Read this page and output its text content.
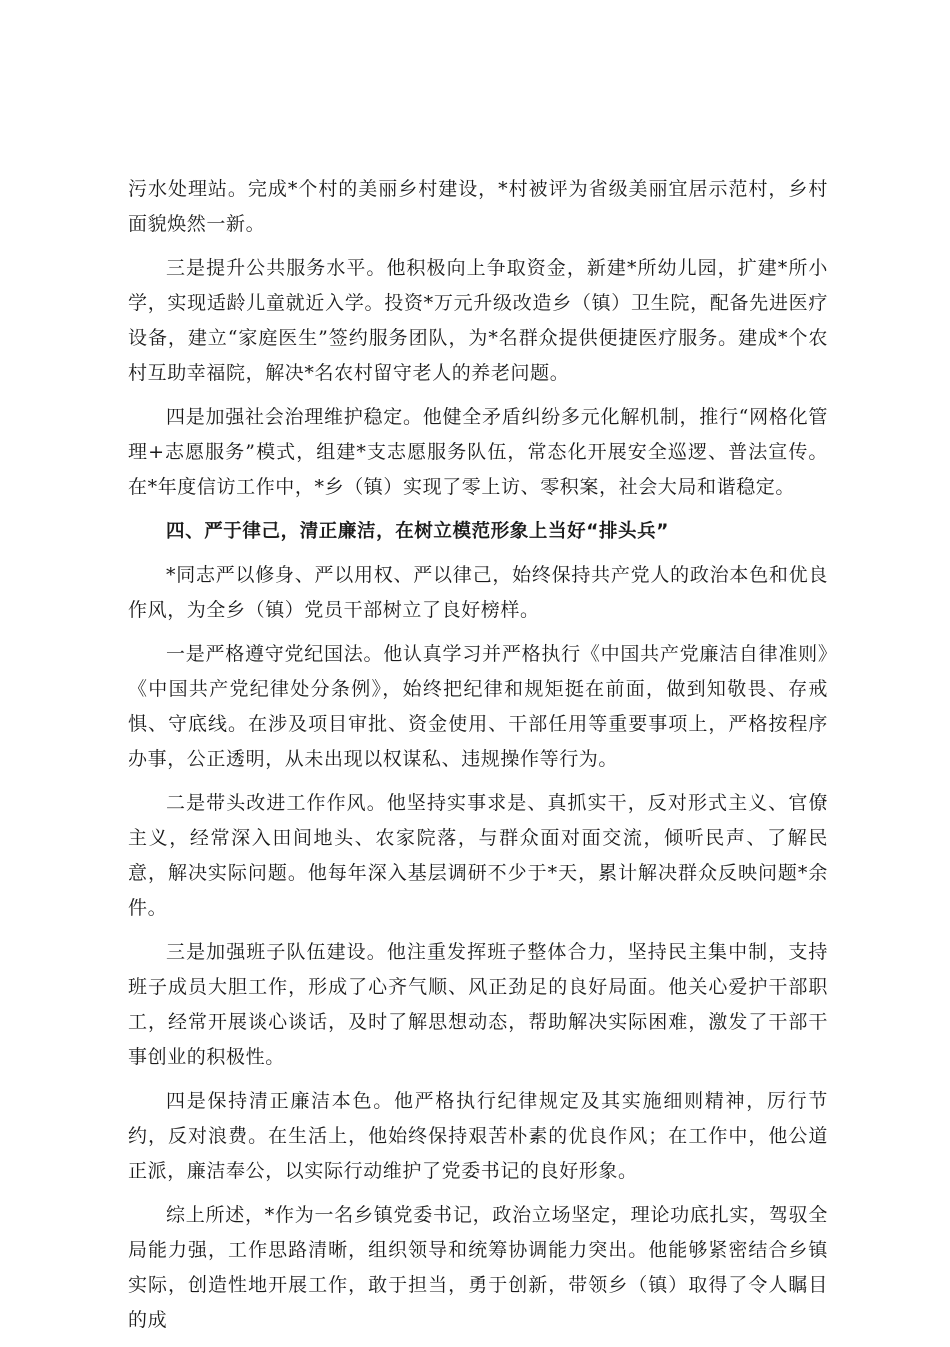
污水处理站。完成*个村的美丽乡村建设，*村被评为省级美丽宜居示范村，乡村面貌焕然一新。

三是提升公共服务水平。他积极向上争取资金，新建*所幼儿园，扩建*所小学，实现适龄儿童就近入学。投资*万元升级改造乡（镇）卫生院，配备先进医疗设备，建立“家庭医生”签约服务团队，为*名群众提供便捷医疗服务。建成*个农村互助幸福院，解决*名农村留守老人的养老问题。

四是加强社会治理维护稳定。他健全矛盾纠纷多元化解机制，推行“网格化管理+志愿服务”模式，组建*支志愿服务队伍，常态化开展安全巡逻、普法宣传。在*年度信访工作中，*乡（镇）实现了零上访、零积案，社会大局和谐稳定。

四、严于律己，清正廉洁，在树立模范形象上当好“排头兵”

*同志严以修身、严以用权、严以律己，始终保持共产党人的政治本色和优良作风，为全乡（镇）党员干部树立了良好榜样。

一是严格遵守党纪国法。他认真学习并严格执行《中国共产党廉洁自律准则》《中国共产党纪律处分条例》，始终把纪律和规矩挺在前面，做到知敬畏、存戒惧、守底线。在涉及项目审批、资金使用、干部任用等重要事项上，严格按程序办事，公正透明，从未出现以权谋私、违规操作等行为。

二是带头改进工作作风。他坚持实事求是、真抓实干，反对形式主义、官僚主义，经常深入田间地头、农家院落，与群众面对面交流，倾听民声、了解民意，解决实际问题。他每年深入基层调研不少于*天，累计解决群众反映问题*余件。

三是加强班子队伍建设。他注重发挥班子整体合力，坚持民主集中制，支持班子成员大胆工作，形成了心齐气顺、风正劲足的良好局面。他关心爱护干部职工，经常开展谈心谈话，及时了解思想动态，帮助解决实际困难，激发了干部干事创业的积极性。

四是保持清正廉洁本色。他严格执行纪律规定及其实施细则精神，厉行节约，反对浪费。在生活上，他始终保持艰苦朴素的优良作风；在工作中，他公道正派，廉洁奉公，以实际行动维护了党委书记的良好形象。

综上所述，*作为一名乡镇党委书记，政治立场坚定，理论功底扎实，驾驭全局能力强，工作思路清晰，组织领导和统筹协调能力突出。他能够紧密结合乡镇实际，创造性地开展工作，敢于担当，勇于创新，带领乡（镇）取得了令人瞩目的成
